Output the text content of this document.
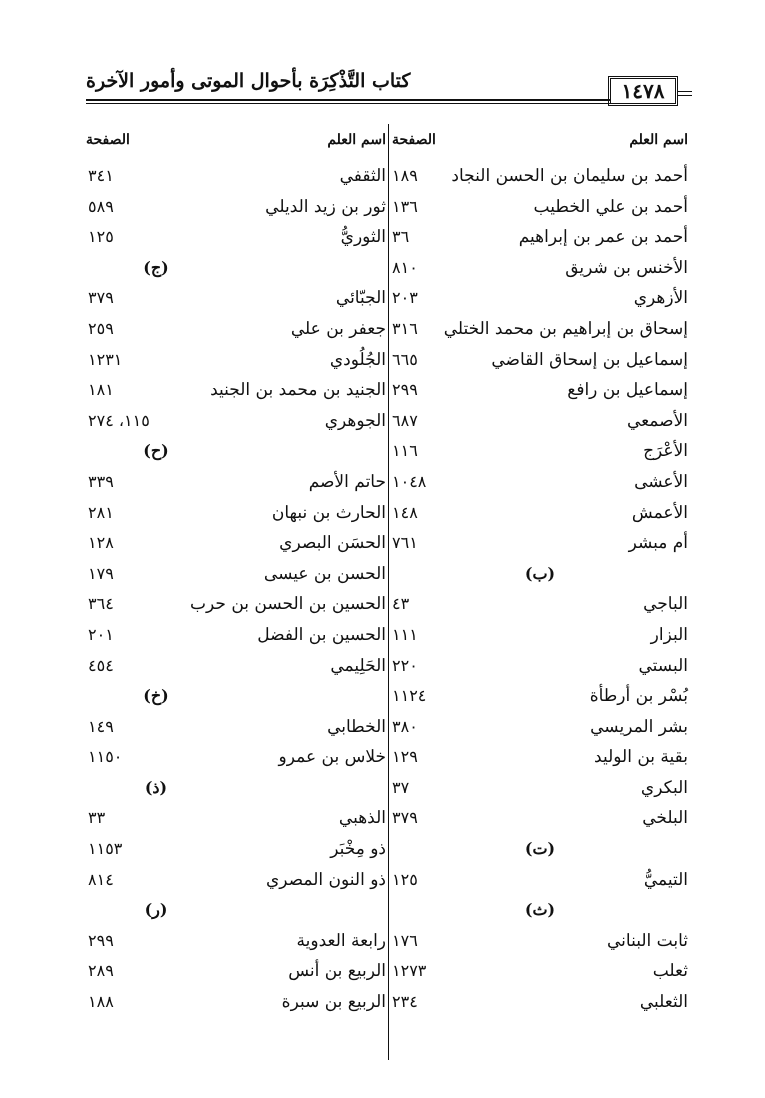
كتاب التَّذْكِرَة بأحوال الموتى وأمور الآخرة	١٤٧٨
اسم العلم
الصفحة
أحمد بن سليمان بن الحسن النجاد
١٨٩
أحمد بن علي الخطيب
١٣٦
أحمد بن عمر بن إبراهيم
٣٦
الأخنس بن شريق
٨١٠
الأزهري
٢٠٣
إسحاق بن إبراهيم بن محمد الختلي
٣١٦
إسماعيل بن إسحاق القاضي
٦٦٥
إسماعيل بن رافع
٢٩٩
الأصمعي
٦٨٧
الأعْرَج
١١٦
الأعشى
١٠٤٨
الأعمش
١٤٨
أم مبشر
٧٦١
(ب)
الباجي
٤٣
البزار
١١١
البستي
٢٢٠
بُسْر بن أرطأة
١١٢٤
بشر المريسي
٣٨٠
بقية بن الوليد
١٢٩
البكري
٣٧
البلخي
٣٧٩
(ت)
التيميُّ
١٢٥
(ث)
ثابت البناني
١٧٦
ثعلب
١٢٧٣
الثعلبي
٢٣٤
اسم العلم
الصفحة
الثقفي
٣٤١
ثور بن زيد الديلي
٥٨٩
الثوريُّ
١٢٥
(ج)
الجبّائي
٣٧٩
جعفر بن علي
٢٥٩
الجُلُودي
١٢٣١
الجنيد بن محمد بن الجنيد
١٨١
الجوهري
١١٥، ٢٧٤
(ح)
حاتم الأصم
٣٣٩
الحارث بن نبهان
٢٨١
الحسَن البصري
١٢٨
الحسن بن عيسى
١٧٩
الحسين بن الحسن بن حرب
٣٦٤
الحسين بن الفضل
٢٠١
الحَلِيمي
٤٥٤
(خ)
الخطابي
١٤٩
خلاس بن عمرو
١١٥٠
(ذ)
الذهبي
٣٣
ذو مِخْبَر
١١٥٣
ذو النون المصري
٨١٤
(ر)
رابعة العدوية
٢٩٩
الربيع بن أنس
٢٨٩
الربيع بن سبرة
١٨٨
